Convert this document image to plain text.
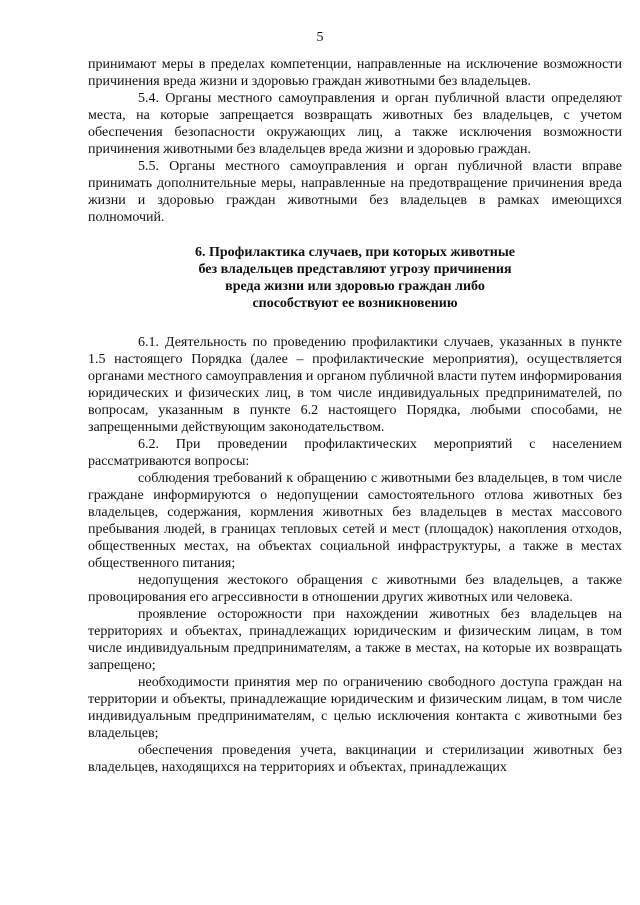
5

принимают меры в пределах компетенции, направленные на исключение возможности причинения вреда жизни и здоровью граждан животными без владельцев.

5.4. Органы местного самоуправления и орган публичной власти определяют места, на которые запрещается возвращать животных без владельцев, с учетом обеспечения безопасности окружающих лиц, а также исключения возможности причинения животными без владельцев вреда жизни и здоровью граждан.

5.5. Органы местного самоуправления и орган публичной власти вправе принимать дополнительные меры, направленные на предотвращение причинения вреда жизни и здоровью граждан животными без владельцев в рамках имеющихся полномочий.

6. Профилактика случаев, при которых животные
без владельцев представляют угрозу причинения
вреда жизни или здоровью граждан либо
способствуют ее возникновению

6.1. Деятельность по проведению профилактики случаев, указанных в пункте 1.5 настоящего Порядка (далее – профилактические мероприятия), осуществляется органами местного самоуправления и органом публичной власти путем информирования юридических и физических лиц, в том числе индивидуальных предпринимателей, по вопросам, указанным в пункте 6.2 настоящего Порядка, любыми способами, не запрещенными действующим законодательством.

6.2. При проведении профилактических мероприятий с населением рассматриваются вопросы:

соблюдения требований к обращению с животными без владельцев, в том числе граждане информируются о недопущении самостоятельного отлова животных без владельцев, содержания, кормления животных без владельцев в местах массового пребывания людей, в границах тепловых сетей и мест (площадок) накопления отходов, общественных местах, на объектах социальной инфраструктуры, а также в местах общественного питания;

недопущения жестокого обращения с животными без владельцев, а также провоцирования его агрессивности в отношении других животных или человека.

проявление осторожности при нахождении животных без владельцев на территориях и объектах, принадлежащих юридическим и физическим лицам, в том числе индивидуальным предпринимателям, а также в местах, на которые их возвращать запрещено;

необходимости принятия мер по ограничению свободного доступа граждан на территории и объекты, принадлежащие юридическим и физическим лицам, в том числе индивидуальным предпринимателям, с целью исключения контакта с животными без владельцев;

обеспечения проведения учета, вакцинации и стерилизации животных без владельцев, находящихся на территориях и объектах, принадлежащих
